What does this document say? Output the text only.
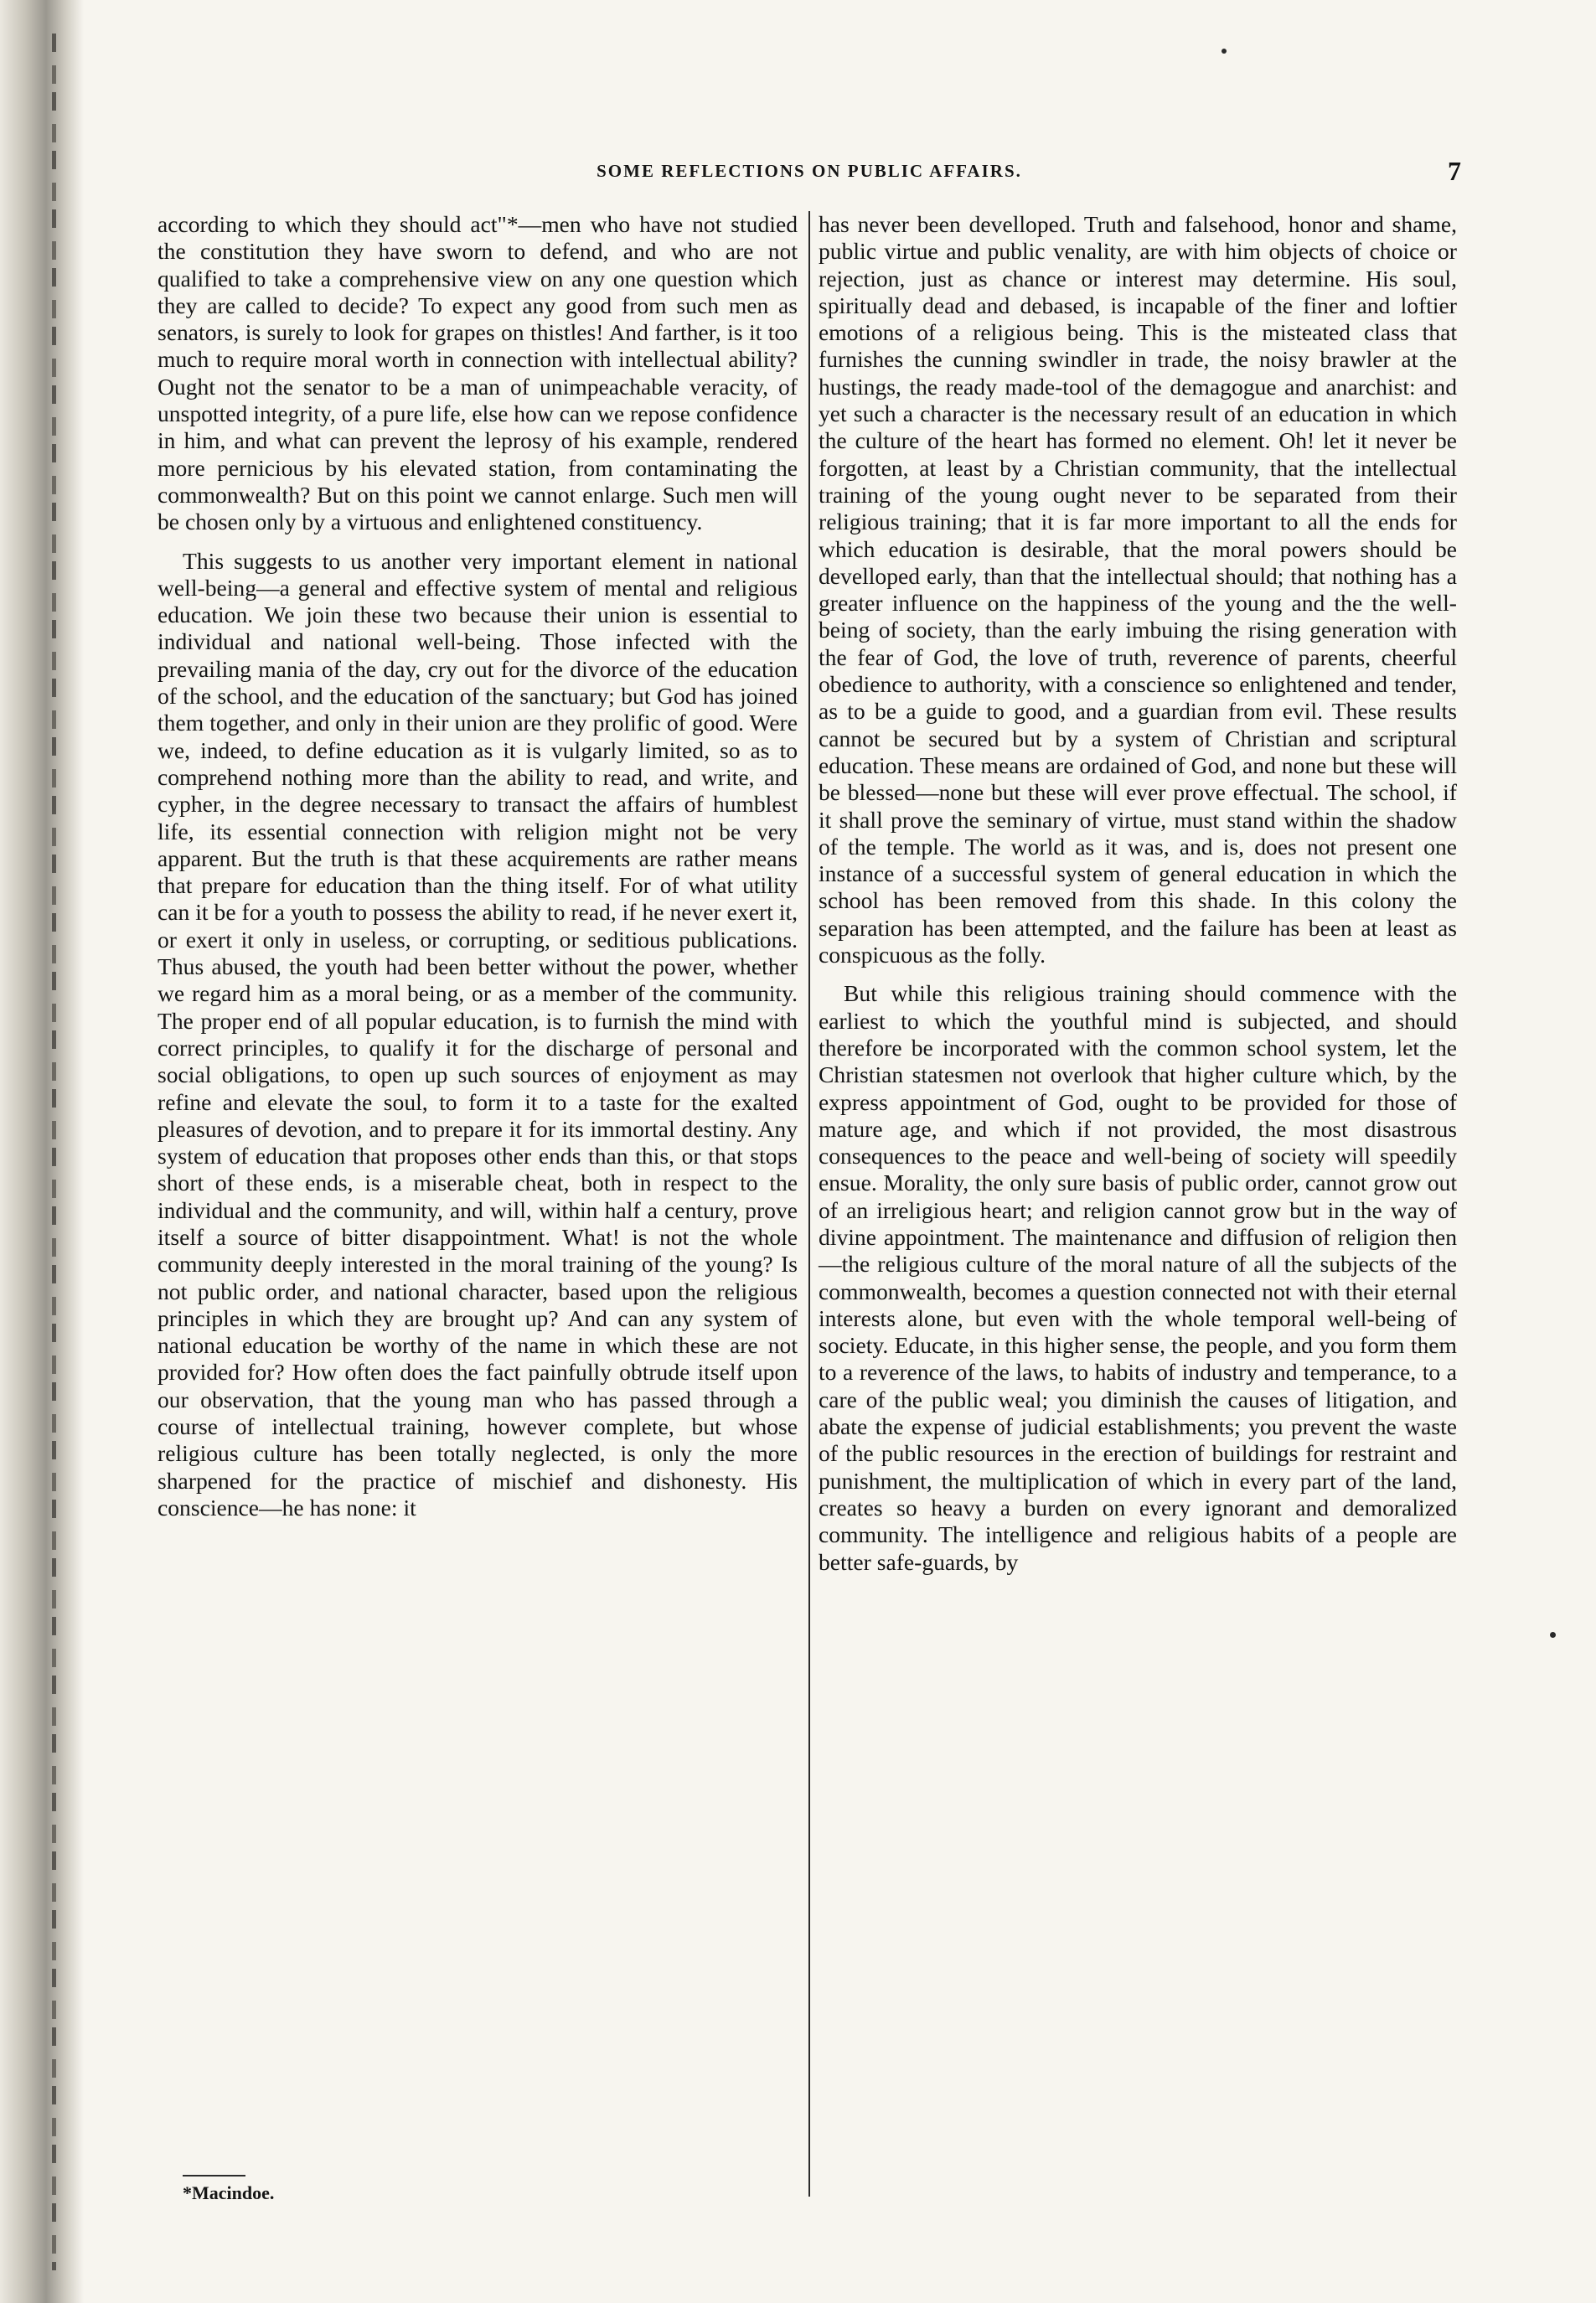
SOME REFLECTIONS ON PUBLIC AFFAIRS.	7

according to which they should act"*—men who have not studied the constitution they have sworn to defend, and who are not qualified to take a comprehensive view on any one question which they are called to decide? To expect any good from such men as senators, is surely to look for grapes on thistles! And farther, is it too much to require moral worth in connection with intellectual ability? Ought not the senator to be a man of unimpeachable veracity, of unspotted integrity, of a pure life, else how can we repose confidence in him, and what can prevent the leprosy of his example, rendered more pernicious by his elevated station, from contaminating the commonwealth? But on this point we cannot enlarge. Such men will be chosen only by a virtuous and enlightened constituency.

This suggests to us another very important element in national well-being—a general and effective system of mental and religious education. We join these two because their union is essential to individual and national well-being. Those infected with the prevailing mania of the day, cry out for the divorce of the education of the school, and the education of the sanctuary; but God has joined them together, and only in their union are they prolific of good. Were we, indeed, to define education as it is vulgarly limited, so as to comprehend nothing more than the ability to read, and write, and cypher, in the degree necessary to transact the affairs of humblest life, its essential connection with religion might not be very apparent. But the truth is that these acquirements are rather means that prepare for education than the thing itself. For of what utility can it be for a youth to possess the ability to read, if he never exert it, or exert it only in useless, or corrupting, or seditious publications. Thus abused, the youth had been better without the power, whether we regard him as a moral being, or as a member of the community. The proper end of all popular education, is to furnish the mind with correct principles, to qualify it for the discharge of personal and social obligations, to open up such sources of enjoyment as may refine and elevate the soul, to form it to a taste for the exalted pleasures of devotion, and to prepare it for its immortal destiny. Any system of education that proposes other ends than this, or that stops short of these ends, is a miserable cheat, both in respect to the individual and the community, and will, within half a century, prove itself a source of bitter disappointment. What! is not the whole community deeply interested in the moral training of the young? Is not public order, and national character, based upon the religious principles in which they are brought up? And can any system of national education be worthy of the name in which these are not provided for? How often does the fact painfully obtrude itself upon our observation, that the young man who has passed through a course of intellectual training, however complete, but whose religious culture has been totally neglected, is only the more sharpened for the practice of mischief and dishonesty. His conscience—he has none: it

has never been develloped. Truth and falsehood, honor and shame, public virtue and public venality, are with him objects of choice or rejection, just as chance or interest may determine. His soul, spiritually dead and debased, is incapable of the finer and loftier emotions of a religious being. This is the misteated class that furnishes the cunning swindler in trade, the noisy brawler at the hustings, the ready made-tool of the demagogue and anarchist: and yet such a character is the necessary result of an education in which the culture of the heart has formed no element. Oh! let it never be forgotten, at least by a Christian community, that the intellectual training of the young ought never to be separated from their religious training; that it is far more important to all the ends for which education is desirable, that the moral powers should be develloped early, than that the intellectual should; that nothing has a greater influence on the happiness of the young and the the well-being of society, than the early imbuing the rising generation with the fear of God, the love of truth, reverence of parents, cheerful obedience to authority, with a conscience so enlightened and tender, as to be a guide to good, and a guardian from evil. These results cannot be secured but by a system of Christian and scriptural education. These means are ordained of God, and none but these will be blessed—none but these will ever prove effectual. The school, if it shall prove the seminary of virtue, must stand within the shadow of the temple. The world as it was, and is, does not present one instance of a successful system of general education in which the school has been removed from this shade. In this colony the separation has been attempted, and the failure has been at least as conspicuous as the folly.

But while this religious training should commence with the earliest to which the youthful mind is subjected, and should therefore be incorporated with the common school system, let the Christian statesmen not overlook that higher culture which, by the express appointment of God, ought to be provided for those of mature age, and which if not provided, the most disastrous consequences to the peace and well-being of society will speedily ensue. Morality, the only sure basis of public order, cannot grow out of an irreligious heart; and religion cannot grow but in the way of divine appointment. The maintenance and diffusion of religion then—the religious culture of the moral nature of all the subjects of the commonwealth, becomes a question connected not with their eternal interests alone, but even with the whole temporal well-being of society. Educate, in this higher sense, the people, and you form them to a reverence of the laws, to habits of industry and temperance, to a care of the public weal; you diminish the causes of litigation, and abate the expense of judicial establishments; you prevent the waste of the public resources in the erection of buildings for restraint and punishment, the multiplication of which in every part of the land, creates so heavy a burden on every ignorant and demoralized community. The intelligence and religious habits of a people are better safe-guards, by

*Macindoe.
